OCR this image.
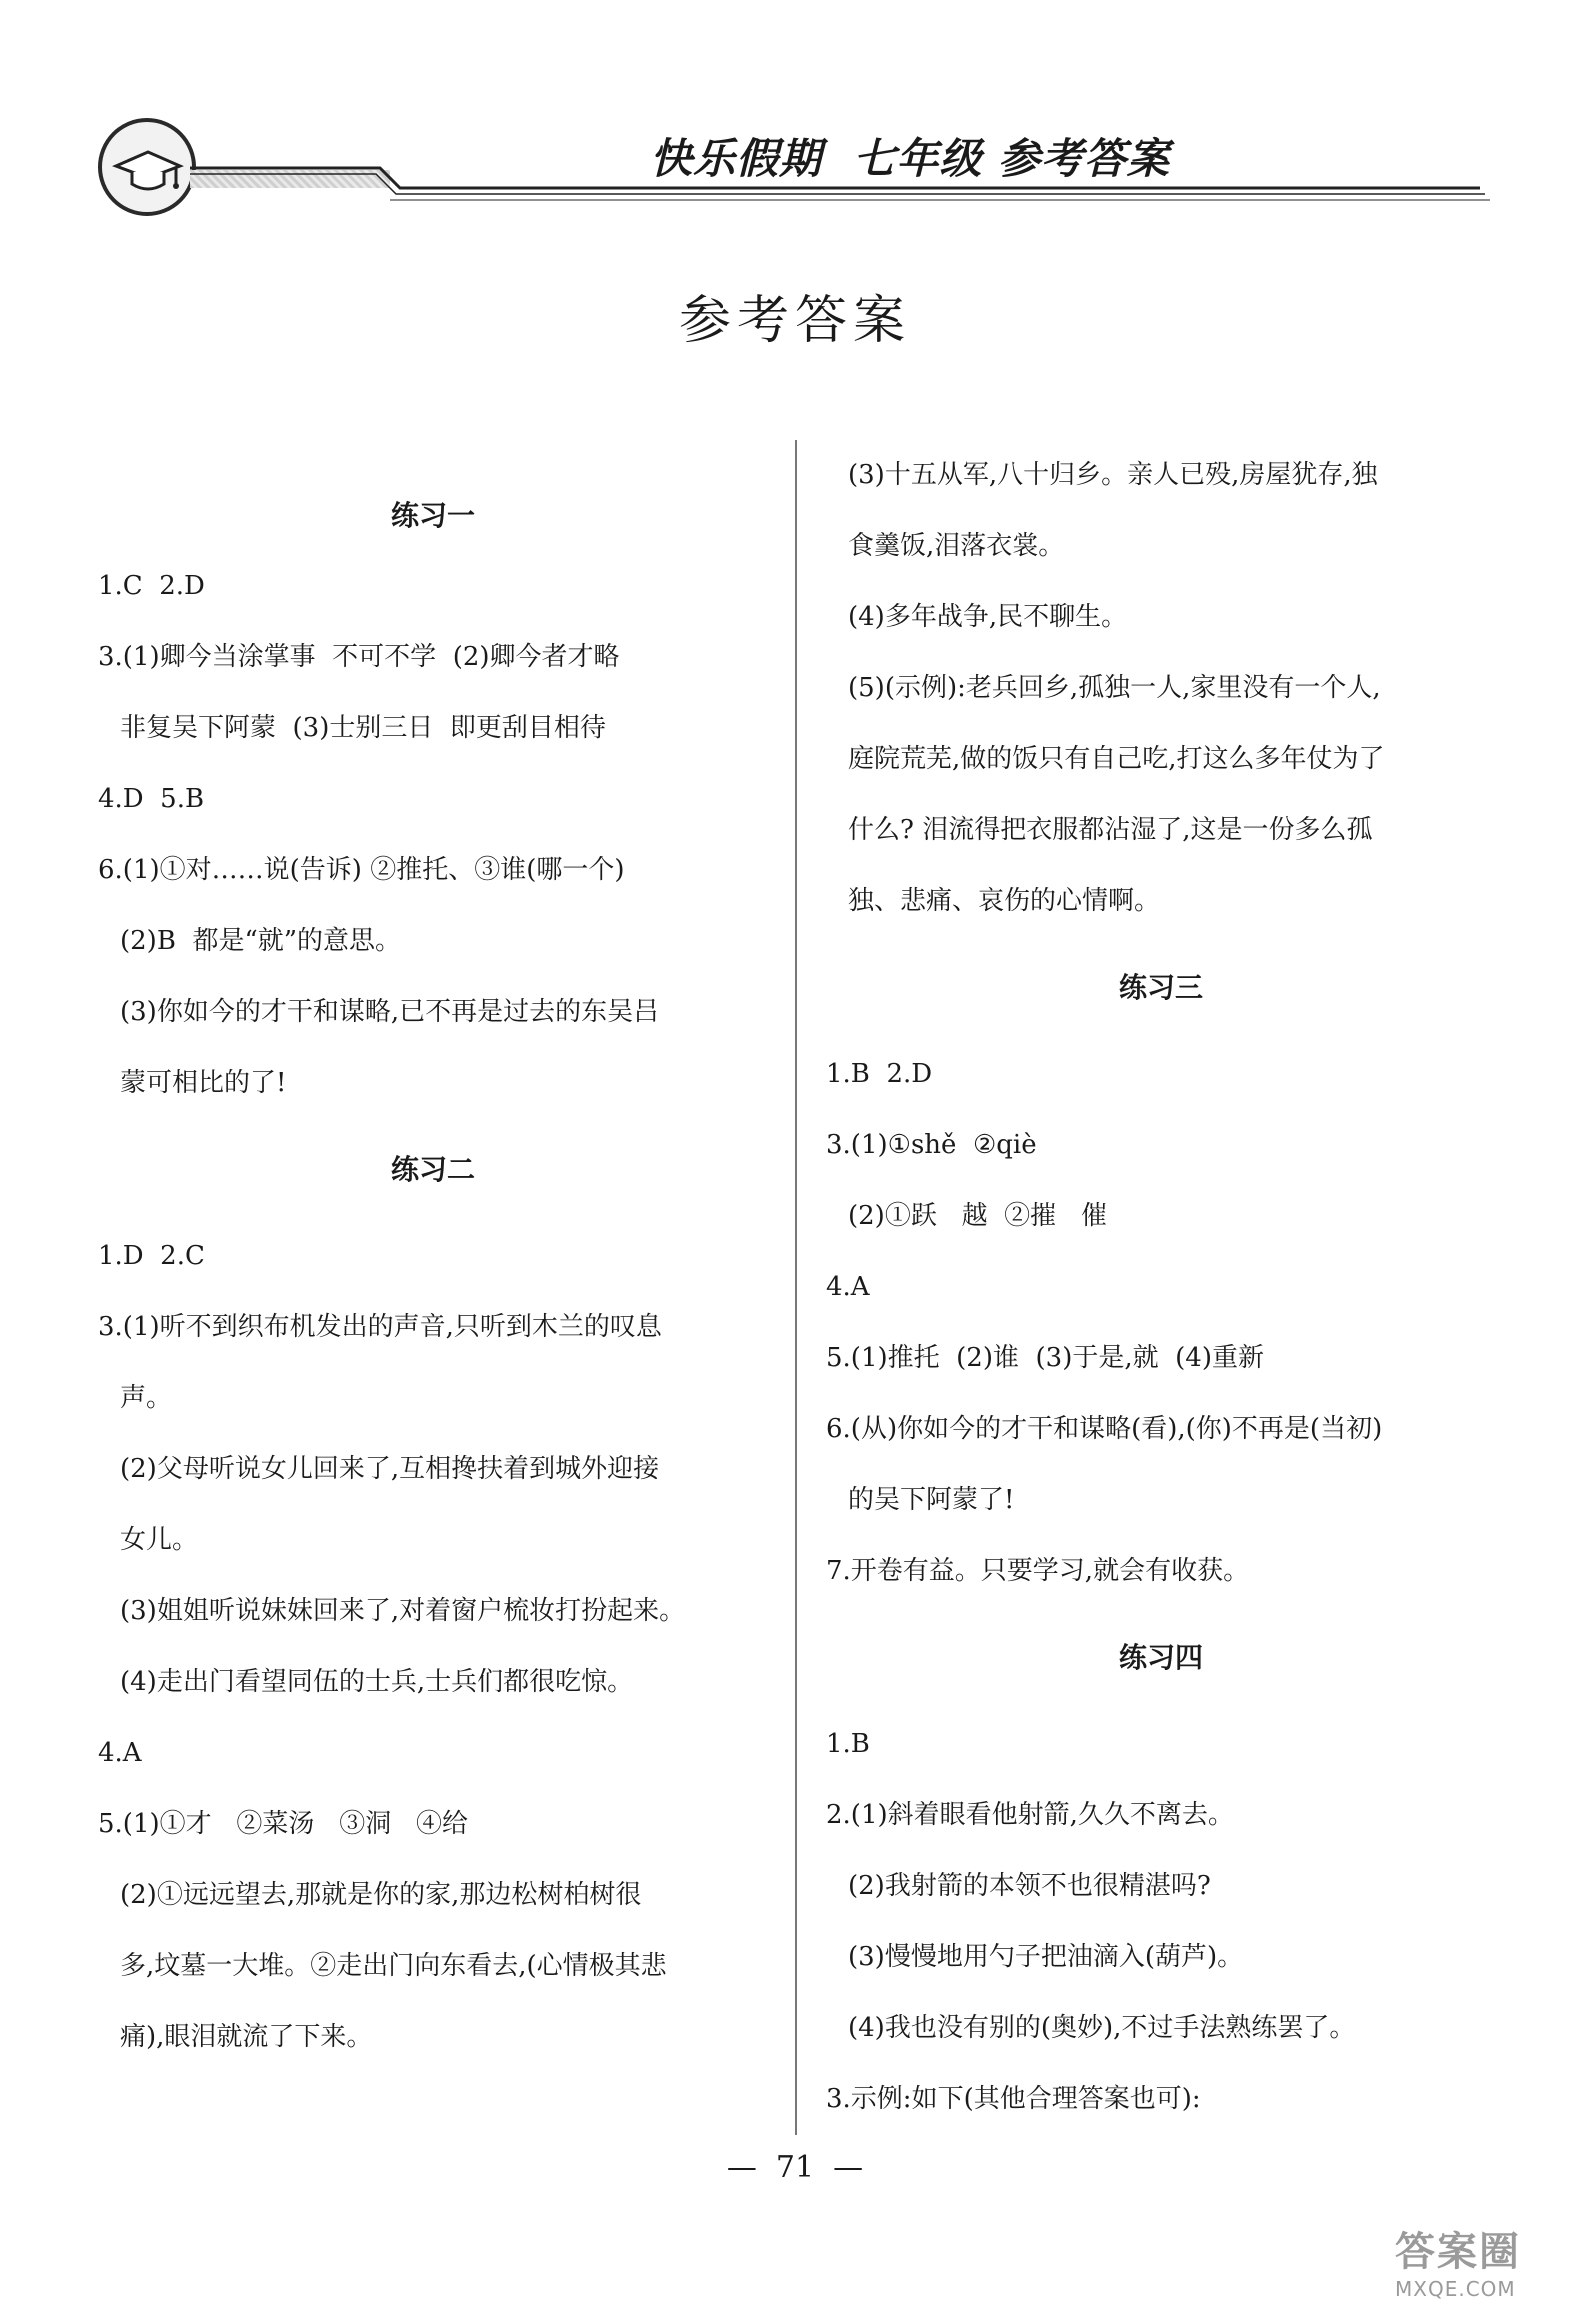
快乐假期  七年级 参考答案
参考答案
练习一
1.C  2.D
3.(1)卿今当涂掌事  不可不学  (2)卿今者才略
非复吴下阿蒙  (3)士别三日  即更刮目相待
4.D  5.B
6.(1)①对……说(告诉) ②推托、③谁(哪一个)
(2)B  都是“就”的意思。
(3)你如今的才干和谋略,已不再是过去的东吴吕
蒙可相比的了!
练习二
1.D  2.C
3.(1)听不到织布机发出的声音,只听到木兰的叹息
声。
(2)父母听说女儿回来了,互相搀扶着到城外迎接
女儿。
(3)姐姐听说妹妹回来了,对着窗户梳妆打扮起来。
(4)走出门看望同伍的士兵,士兵们都很吃惊。
4.A
5.(1)①才   ②菜汤   ③洞   ④给
(2)①远远望去,那就是你的家,那边松树柏树很
多,坟墓一大堆。②走出门向东看去,(心情极其悲
痛),眼泪就流了下来。
(3)十五从军,八十归乡。亲人已殁,房屋犹存,独
食羹饭,泪落衣裳。
(4)多年战争,民不聊生。
(5)(示例):老兵回乡,孤独一人,家里没有一个人,
庭院荒芜,做的饭只有自己吃,打这么多年仗为了
什么? 泪流得把衣服都沾湿了,这是一份多么孤
独、悲痛、哀伤的心情啊。
练习三
1.B  2.D
3.(1)①shě  ②qiè
(2)①跃   越  ②摧   催
4.A
5.(1)推托  (2)谁  (3)于是,就  (4)重新
6.(从)你如今的才干和谋略(看),(你)不再是(当初)
的吴下阿蒙了!
7.开卷有益。只要学习,就会有收获。
练习四
1.B
2.(1)斜着眼看他射箭,久久不离去。
(2)我射箭的本领不也很精湛吗?
(3)慢慢地用勺子把油滴入(葫芦)。
(4)我也没有别的(奥妙),不过手法熟练罢了。
3.示例:如下(其他合理答案也可):
—  71  —
答案圈
MXQE.COM
